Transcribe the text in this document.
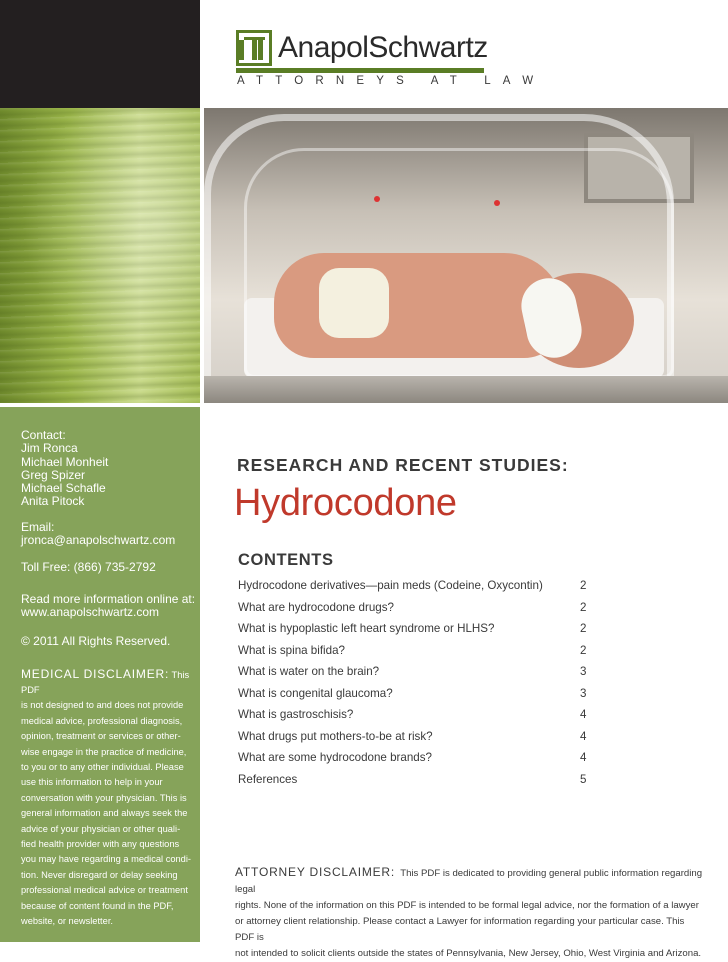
AnapolSchwartz
ATTORNEYS AT LAW
Contact:
Jim Ronca
Michael Monheit
Greg Spizer
Michael Schafle
Anita Pitock
Email:
jronca@anapolschwartz.com
Toll Free: (866) 735-2792
Read more information online at:
www.anapolschwartz.com
© 2011 All Rights Reserved.
MEDICAL DISCLAIMER: This PDF
is not designed to and does not provide
medical advice, professional diagnosis,
opinion, treatment or services or other-
wise engage in the practice of medicine,
to you or to any other individual. Please
use this information to help in your
conversation with your physician. This is
general information and always seek the
advice of your physician or other quali-
fied health provider with any questions
you may have regarding a medical condi-
tion. Never disregard or delay seeking
professional medical advice or treatment
because of content found in the PDF,
website, or newsletter.
RESEARCH AND RECENT STUDIES:
Hydrocodone
CONTENTS
Hydrocodone derivatives—pain meds (Codeine, Oxycontin)	2
What are hydrocodone drugs?	2
What is hypoplastic left heart syndrome or HLHS?	2
What is spina bifida?	2
What is water on the brain?	3
What is congenital glaucoma?	3
What is gastroschisis?	4
What drugs put mothers-to-be at risk?	4
What are some hydrocodone brands?	4
References	5
ATTORNEY DISCLAIMER: This PDF is dedicated to providing general public information regarding legal
rights. None of the information on this PDF is intended to be formal legal advice, nor the formation of a lawyer
or attorney client relationship. Please contact a Lawyer for information regarding your particular case. This PDF is
not intended to solicit clients outside the states of Pennsylvania, New Jersey, Ohio, West Virginia and Arizona.
